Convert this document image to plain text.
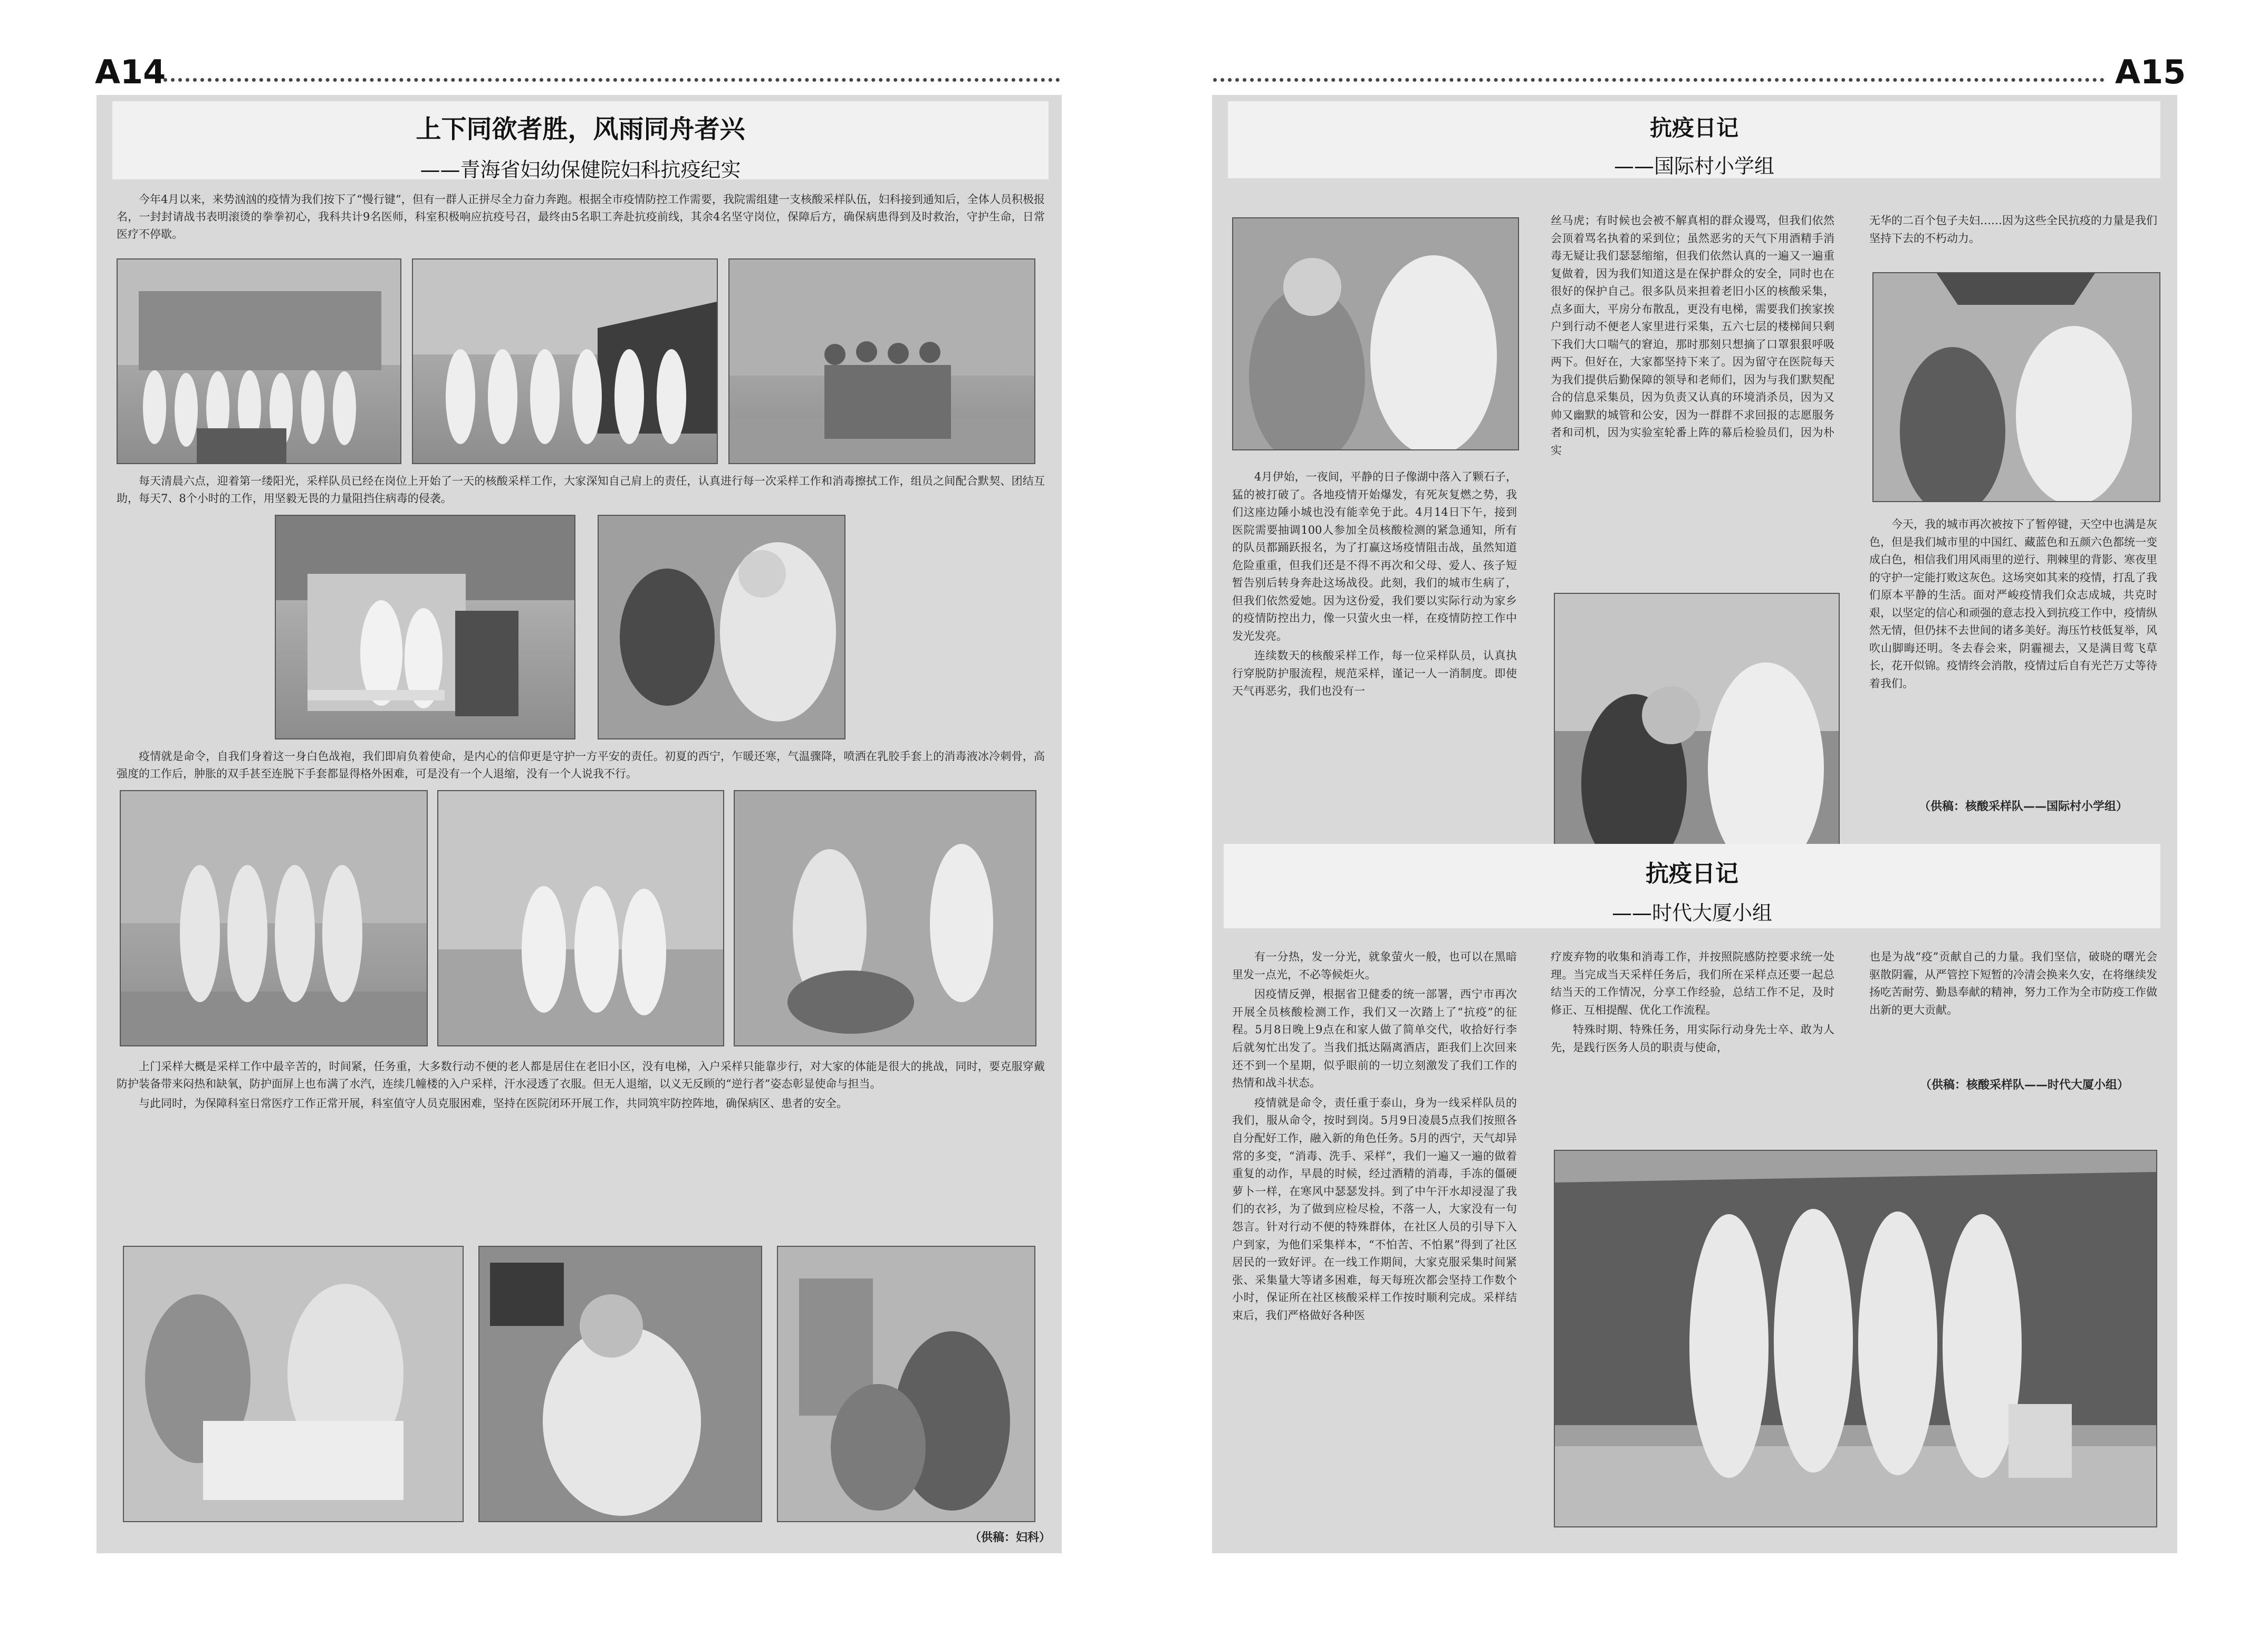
A14	A15
上下同欲者胜，风雨同舟者兴
——青海省妇幼保健院妇科抗疫纪实

今年4月以来，来势汹汹的疫情为我们按下了“慢行键”，但有一群人正拼尽全力奋力奔跑。根据全市疫情防控工作需要，我院需组建一支核酸采样队伍，妇科接到通知后，全体人员积极报名，一封封请战书表明滚烫的拳拳初心，我科共计9名医师，科室积极响应抗疫号召，最终由5名职工奔赴抗疫前线，其余4名坚守岗位，保障后方，确保病患得到及时救治，守护生命，日常医疗不停歇。

每天清晨六点，迎着第一缕阳光，采样队员已经在岗位上开始了一天的核酸采样工作，大家深知自己肩上的责任，认真进行每一次采样工作和消毒擦拭工作，组员之间配合默契、团结互助，每天7、8个小时的工作，用坚毅无畏的力量阻挡住病毒的侵袭。

疫情就是命令，自我们身着这一身白色战袍，我们即肩负着使命，是内心的信仰更是守护一方平安的责任。初夏的西宁，乍暖还寒，气温骤降，喷洒在乳胶手套上的消毒液冰冷刺骨，高强度的工作后，肿胀的双手甚至连脱下手套都显得格外困难，可是没有一个人退缩，没有一个人说我不行。

上门采样大概是采样工作中最辛苦的，时间紧，任务重，大多数行动不便的老人都是居住在老旧小区，没有电梯，入户采样只能靠步行，对大家的体能是很大的挑战，同时，要克服穿戴防护装备带来闷热和缺氧，防护面屏上也布满了水汽，连续几幢楼的入户采样，汗水浸透了衣服。但无人退缩，以义无反顾的“逆行者”姿态彰显使命与担当。

与此同时，为保障科室日常医疗工作正常开展，科室值守人员克服困难，坚持在医院闭环开展工作，共同筑牢防控阵地，确保病区、患者的安全。

（供稿：妇科）
抗疫日记
——国际村小学组

4月伊始，一夜间，平静的日子像湖中落入了颗石子，猛的被打破了。各地疫情开始爆发，有死灰复燃之势，我们这座边陲小城也没有能幸免于此。4月14日下午，接到医院需要抽调100人参加全员核酸检测的紧急通知，所有的队员都踊跃报名，为了打赢这场疫情阻击战，虽然知道危险重重，但我们还是不得不再次和父母、爱人、孩子短暂告别后转身奔赴这场战役。此刻，我们的城市生病了，但我们依然爱她。因为这份爱，我们要以实际行动为家乡的疫情防控出力，像一只萤火虫一样，在疫情防控工作中发光发亮。

连续数天的核酸采样工作，每一位采样队员，认真执行穿脱防护服流程，规范采样，谨记一人一消制度。即使天气再恶劣，我们也没有一

丝马虎；有时候也会被不解真相的群众谩骂，但我们依然会顶着骂名执着的采到位；虽然恶劣的天气下用酒精手消毒无疑让我们瑟瑟缩缩，但我们依然认真的一遍又一遍重复做着，因为我们知道这是在保护群众的安全，同时也在很好的保护自己。很多队员来担着老旧小区的核酸采集，点多面大，平房分布散乱，更没有电梯，需要我们挨家挨户到行动不便老人家里进行采集，五六七层的楼梯间只剩下我们大口喘气的窘迫，那时那刻只想摘了口罩狠狠呼吸两下。但好在，大家都坚持下来了。因为留守在医院每天为我们提供后勤保障的领导和老师们，因为与我们默契配合的信息采集员，因为负责又认真的环境消杀员，因为又帅又幽默的城管和公安，因为一群群不求回报的志愿服务者和司机，因为实验室轮番上阵的幕后检验员们，因为朴实

无华的二百个包子夫妇……因为这些全民抗疫的力量是我们坚持下去的不朽动力。

今天，我的城市再次被按下了暂停键，天空中也满是灰色，但是我们城市里的中国红、藏蓝色和五颜六色都统一变成白色，相信我们用风雨里的逆行、荆棘里的背影、寒夜里的守护一定能打败这灰色。这场突如其来的疫情，打乱了我们原本平静的生活。面对严峻疫情我们众志成城，共克时艰，以坚定的信心和顽强的意志投入到抗疫工作中，疫情纵然无情，但仍抹不去世间的诸多美好。海压竹枝低复举，风吹山脚晦还明。冬去春会来，阴霾褪去，又是满目莺飞草长，花开似锦。疫情终会消散，疫情过后自有光芒万丈等待着我们。

（供稿：核酸采样队——国际村小学组）
抗疫日记
——时代大厦小组

有一分热，发一分光，就象萤火一般，也可以在黑暗里发一点光，不必等候炬火。

因疫情反弹，根据省卫健委的统一部署，西宁市再次开展全员核酸检测工作，我们又一次踏上了“抗疫”的征程。5月8日晚上9点在和家人做了简单交代，收拾好行李后就匆忙出发了。当我们抵达隔离酒店，距我们上次回来还不到一个星期，似乎眼前的一切立刻激发了我们工作的热情和战斗状态。

疫情就是命令，责任重于泰山，身为一线采样队员的我们，服从命令，按时到岗。5月9日凌晨5点我们按照各自分配好工作，融入新的角色任务。5月的西宁，天气却异常的多变，“消毒、洗手、采样”，我们一遍又一遍的做着重复的动作，早晨的时候，经过酒精的消毒，手冻的僵硬萝卜一样，在寒风中瑟瑟发抖。到了中午汗水却浸湿了我们的衣衫，为了做到应检尽检，不落一人，大家没有一句怨言。针对行动不便的特殊群体，在社区人员的引导下入户到家，为他们采集样本，“不怕苦、不怕累”得到了社区居民的一致好评。在一线工作期间，大家克服采集时间紧张、采集量大等诸多困难，每天每班次都会坚持工作数个小时，保证所在社区核酸采样工作按时顺利完成。采样结束后，我们严格做好各种医

疗废弃物的收集和消毒工作，并按照院感防控要求统一处理。当完成当天采样任务后，我们所在采样点还要一起总结当天的工作情况，分享工作经验，总结工作不足，及时修正、互相提醒、优化工作流程。

特殊时期、特殊任务，用实际行动身先士卒、敢为人先，是践行医务人员的职责与使命，

也是为战“疫”贡献自己的力量。我们坚信，破晓的曙光会驱散阴霾，从严管控下短暂的冷清会换来久安，在将继续发扬吃苦耐劳、勤恳奉献的精神，努力工作为全市防疫工作做出新的更大贡献。

（供稿：核酸采样队——时代大厦小组）
